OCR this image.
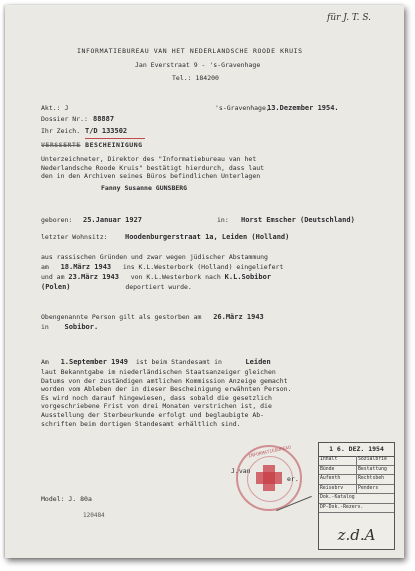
für J. T. S.
INFORMATIEBUREAU VAN HET NEDERLANDSCHE ROODE KRUIS
Jan Everstraat 9 - 's-Gravenhage
Tel.: 184200
Akt.: J
Dossier Nr.: 88887
Ihr Zeich. T/D 133502
's-Gravenhage,
13.Dezember 1954.
VERSSERTE BESCHEINIGUNG
Unterzeichneter, Direktor des "Informatiebureau van het
Nederlandsche Roode Kruis" bestätigt hierdurch, dass laut
den in den Archiven seines Büros befindlichen Unterlagen
Fanny Susanne GUNSBERG
geboren: 25.Januar 1927	in: Horst Emscher (Deutschland)
letzter Wohnsitz: Hoodenburgerstraat 1a, Leiden (Holland)
aus rassischen Gründen und zwar wegen jüdischer Abstammung
am 18.März 1943 ins K.L.Westerbork (Holland) eingeliefert
und am 23.März 1943 von K.L.Westerbork nach K.L.Sobibor
(Polen)	deportiert wurde.
Obengenannte Person gilt als gestorben am 26.März 1943
in Sobibor.
Am 1.September 1949 ist beim Standesamt in	Leiden
laut Bekanntgabe im niederländischen Staatsanzeiger gleichen
Datums von der zuständigen amtlichen Kommission Anzeige gemacht
worden vom Ableben der in dieser Bescheinigung erwähnten Person.
Es wird noch darauf hingewiesen, dass sobald die gesetzlich
vorgeschriebene Frist von drei Monaten verstrichen ist, die
Ausstellung der Sterbeurkunde erfolgt und beglaubigte Ab-
schriften beim dortigen Standesamt erhältlich sind.
INFORMATIEBUREAU
J.van
er.
Model: J. 80a
120484
1 6. DEZ. 1954
Inhalt	Sozialbrie
Bünde	Bestattung
Aufenth	Rechtsbeh
Reisebrv	Penders
Dok.-Katalog
DP-Dok.-Rezerv.
z.d.A
